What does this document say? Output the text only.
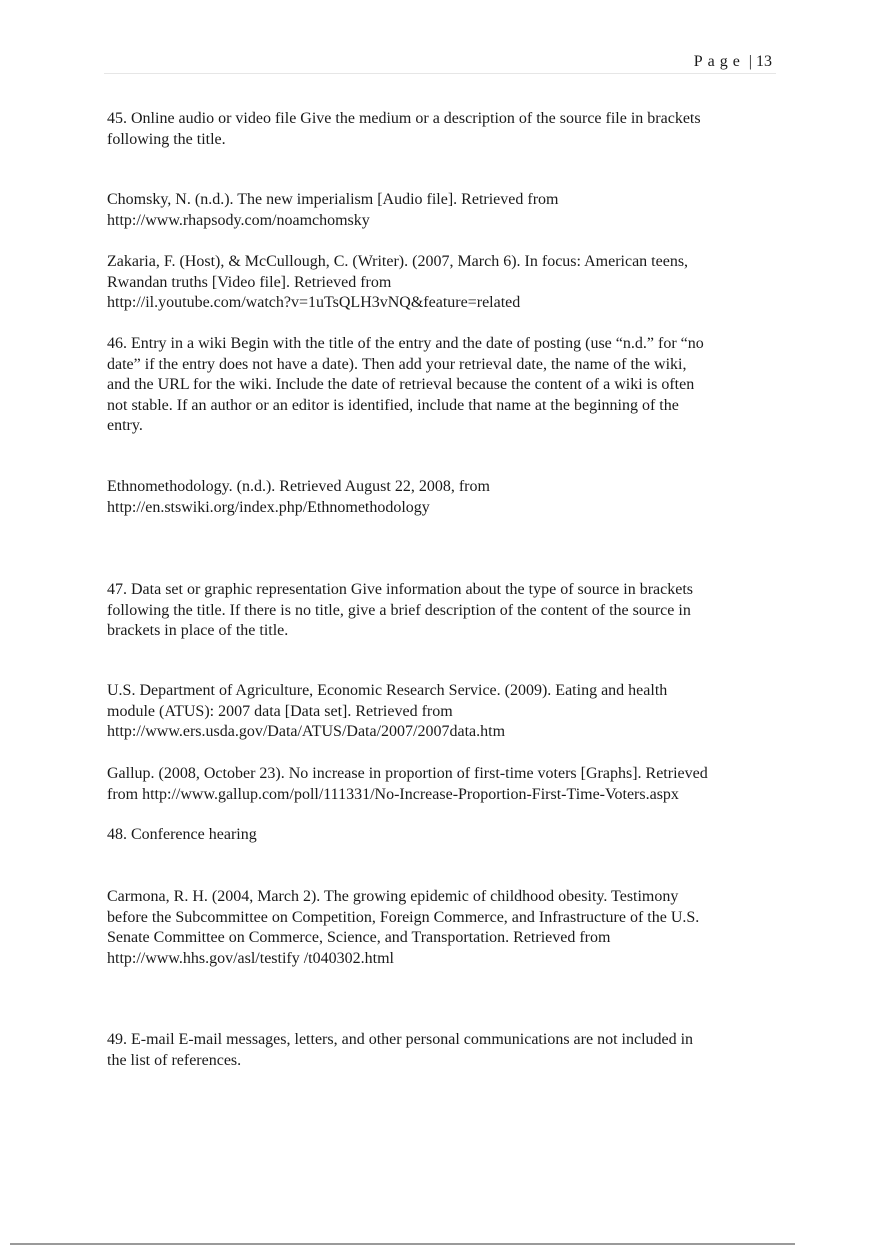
Page | 13
45. Online audio or video file Give the medium or a description of the source file in brackets
following the title.
Chomsky, N. (n.d.). The new imperialism [Audio file]. Retrieved from
http://www.rhapsody.com/noamchomsky
Zakaria, F. (Host), & McCullough, C. (Writer). (2007, March 6). In focus: American teens,
Rwandan truths [Video file]. Retrieved from
http://il.youtube.com/watch?v=1uTsQLH3vNQ&feature=related
46. Entry in a wiki Begin with the title of the entry and the date of posting (use “n.d.” for “no
date” if the entry does not have a date). Then add your retrieval date, the name of the wiki,
and the URL for the wiki. Include the date of retrieval because the content of a wiki is often
not stable. If an author or an editor is identified, include that name at the beginning of the
entry.
Ethnomethodology. (n.d.). Retrieved August 22, 2008, from
http://en.stswiki.org/index.php/Ethnomethodology
47. Data set or graphic representation Give information about the type of source in brackets
following the title. If there is no title, give a brief description of the content of the source in
brackets in place of the title.
U.S. Department of Agriculture, Economic Research Service. (2009). Eating and health
module (ATUS): 2007 data [Data set]. Retrieved from
http://www.ers.usda.gov/Data/ATUS/Data/2007/2007data.htm
Gallup. (2008, October 23). No increase in proportion of first-time voters [Graphs]. Retrieved
from http://www.gallup.com/poll/111331/No-Increase-Proportion-First-Time-Voters.aspx
48. Conference hearing
Carmona, R. H. (2004, March 2). The growing epidemic of childhood obesity. Testimony
before the Subcommittee on Competition, Foreign Commerce, and Infrastructure of the U.S.
Senate Committee on Commerce, Science, and Transportation. Retrieved from
http://www.hhs.gov/asl/testify /t040302.html
49. E-mail E-mail messages, letters, and other personal communications are not included in
the list of references.
